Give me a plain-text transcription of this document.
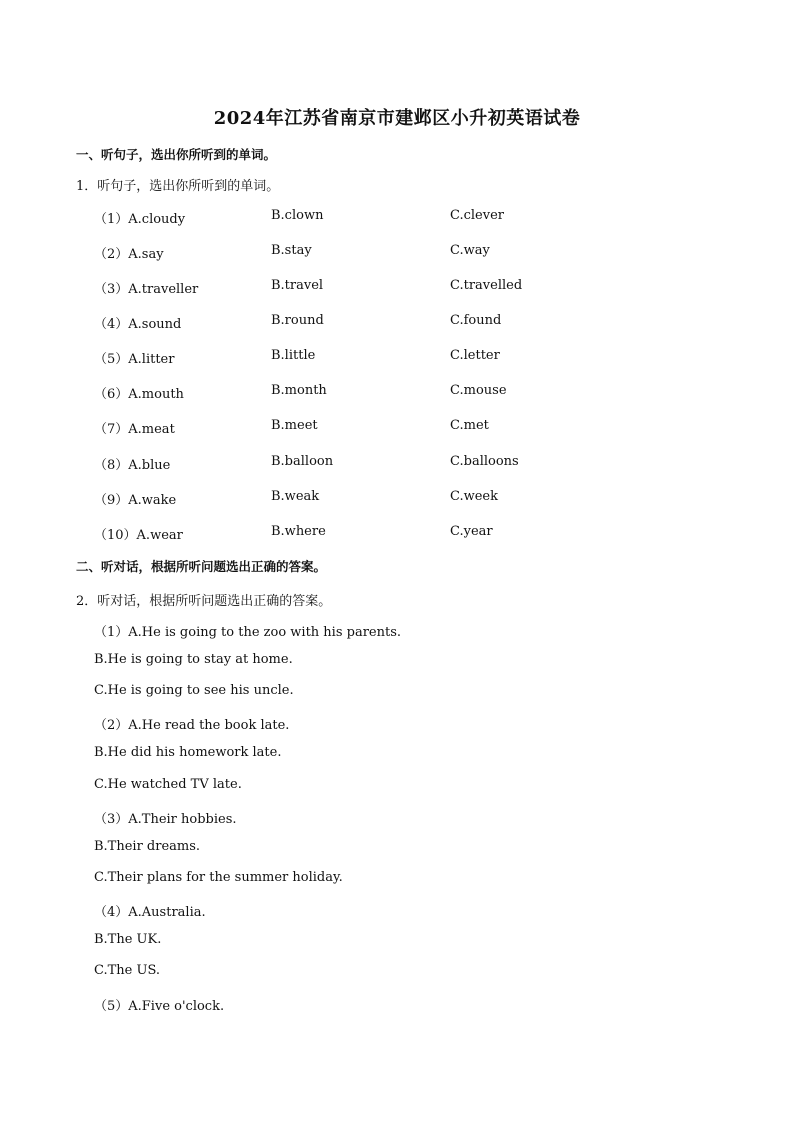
2024年江苏省南京市建邺区小升初英语试卷
一、听句子，选出你所听到的单词。
1．听句子，选出你所听到的单词。
（1）A.cloudy	B.clown	C.clever
（2）A.say	B.stay	C.way
（3）A.traveller	B.travel	C.travelled
（4）A.sound	B.round	C.found
（5）A.litter	B.little	C.letter
（6）A.mouth	B.month	C.mouse
（7）A.meat	B.meet	C.met
（8）A.blue	B.balloon	C.balloons
（9）A.wake	B.weak	C.week
（10）A.wear	B.where	C.year
二、听对话，根据所听问题选出正确的答案。
2．听对话，根据所听问题选出正确的答案。
（1）A.He is going to the zoo with his parents.
B.He is going to stay at home.
C.He is going to see his uncle.
（2）A.He read the book late.
B.He did his homework late.
C.He watched TV late.
（3）A.Their hobbies.
B.Their dreams.
C.Their plans for the summer holiday.
（4）A.Australia.
B.The UK.
C.The US.
（5）A.Five o'clock.
